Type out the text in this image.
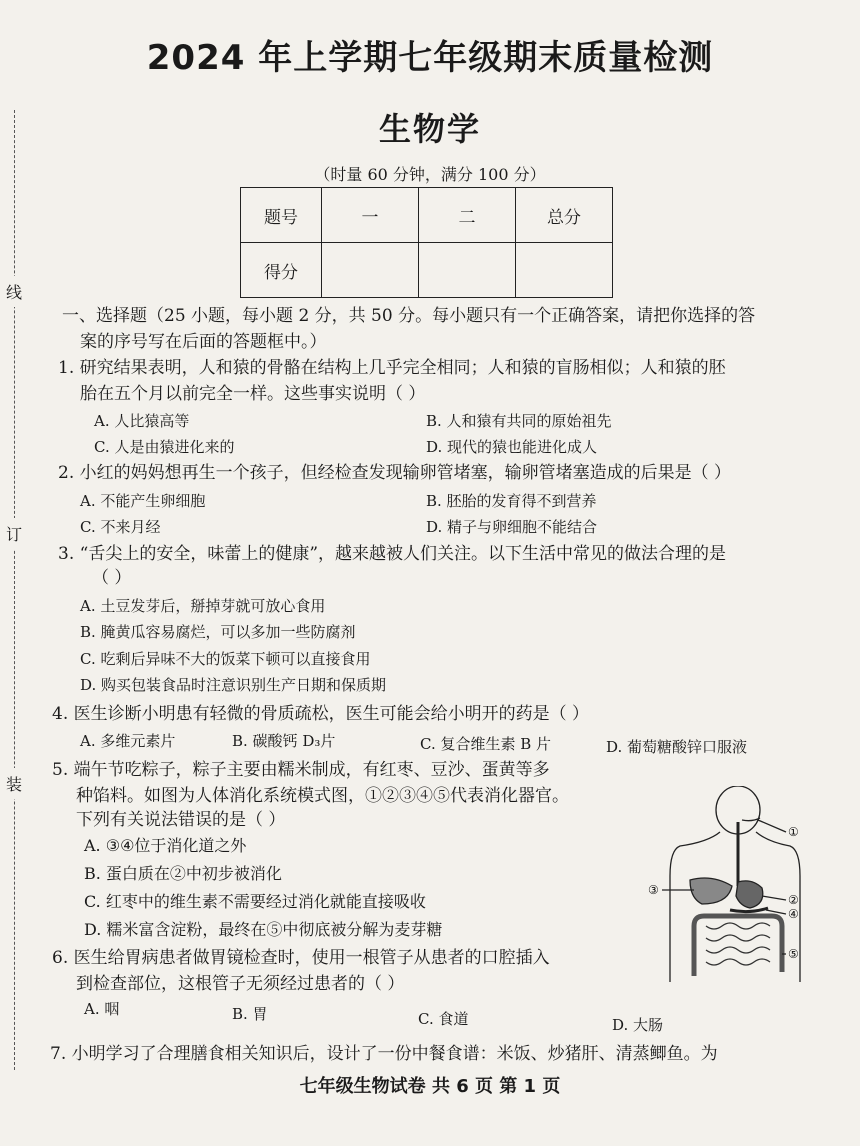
线
订
装
2024 年上学期七年级期末质量检测
生物学
（时量 60 分钟，满分 100 分）
题号	一	二	总分
得分			
一、选择题（25 小题，每小题 2 分，共 50 分。每小题只有一个正确答案，请把你选择的答
案的序号写在后面的答题框中。）
1. 研究结果表明，人和猿的骨骼在结构上几乎完全相同；人和猿的盲肠相似；人和猿的胚
胎在五个月以前完全一样。这些事实说明（ ）
A. 人比猿高等	B. 人和猿有共同的原始祖先
C. 人是由猿进化来的	D. 现代的猿也能进化成人
2. 小红的妈妈想再生一个孩子，但经检查发现输卵管堵塞，输卵管堵塞造成的后果是（ ）
A. 不能产生卵细胞	B. 胚胎的发育得不到营养
C. 不来月经	D. 精子与卵细胞不能结合
3. “舌尖上的安全，味蕾上的健康”，越来越被人们关注。以下生活中常见的做法合理的是
（ ）
A. 土豆发芽后，掰掉芽就可放心食用
B. 腌黄瓜容易腐烂，可以多加一些防腐剂
C. 吃剩后异味不大的饭菜下顿可以直接食用
D. 购买包装食品时注意识别生产日期和保质期
4. 医生诊断小明患有轻微的骨质疏松，医生可能会给小明开的药是（ ）
A. 多维元素片	B. 碳酸钙 D₃片	C. 复合维生素 B 片	D. 葡萄糖酸锌口服液
5. 端午节吃粽子，粽子主要由糯米制成，有红枣、豆沙、蛋黄等多
种馅料。如图为人体消化系统模式图，①②③④⑤代表消化器官。
下列有关说法错误的是（ ）
A. ③④位于消化道之外
B. 蛋白质在②中初步被消化
C. 红枣中的维生素不需要经过消化就能直接吸收
D. 糯米富含淀粉，最终在⑤中彻底被分解为麦芽糖
①
②
③
④
⑤
6. 医生给胃病患者做胃镜检查时，使用一根管子从患者的口腔插入
到检查部位，这根管子无须经过患者的（ ）
A. 咽	B. 胃	C. 食道	D. 大肠
7. 小明学习了合理膳食相关知识后，设计了一份中餐食谱：米饭、炒猪肝、清蒸鲫鱼。为
七年级生物试卷 共 6 页 第 1 页
